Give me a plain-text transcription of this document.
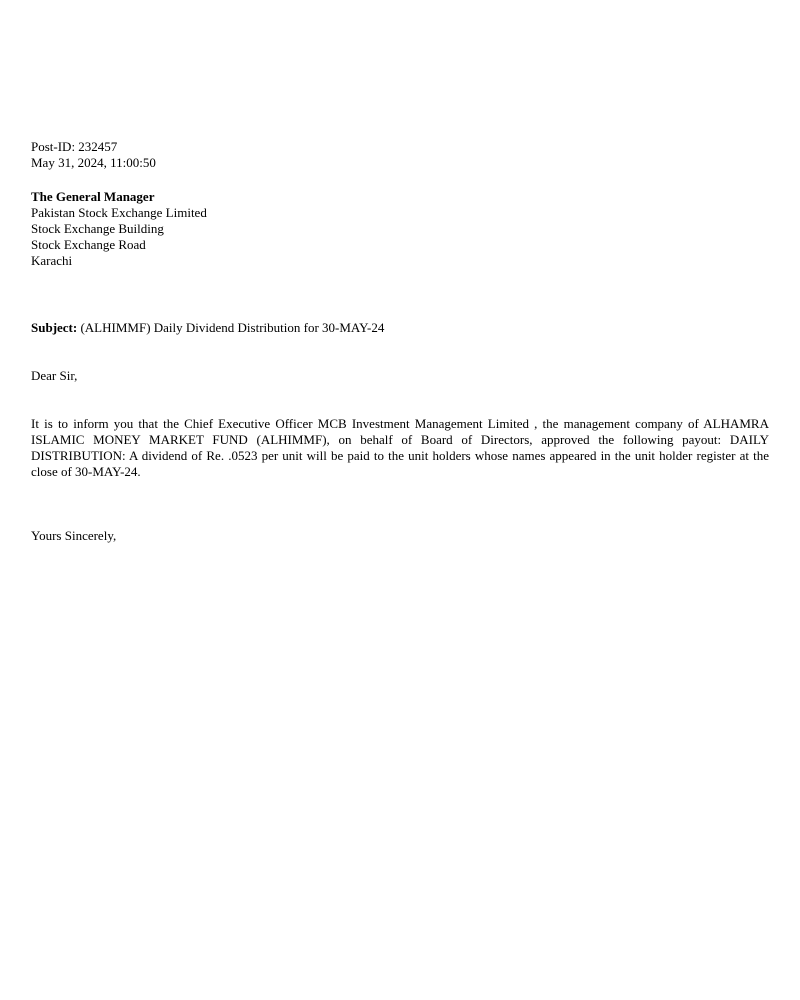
Post-ID: 232457
May 31, 2024, 11:00:50
The General Manager
Pakistan Stock Exchange Limited
Stock Exchange Building
Stock Exchange Road
Karachi
Subject: (ALHIMMF) Daily Dividend Distribution for 30-MAY-24
Dear Sir,
It is to inform you that the Chief Executive Officer MCB Investment Management Limited , the management company of ALHAMRA ISLAMIC MONEY MARKET FUND (ALHIMMF), on behalf of Board of Directors, approved the following payout: DAILY DISTRIBUTION: A dividend of Re. .0523 per unit will be paid to the unit holders whose names appeared in the unit holder register at the close of 30-MAY-24.
Yours Sincerely,
